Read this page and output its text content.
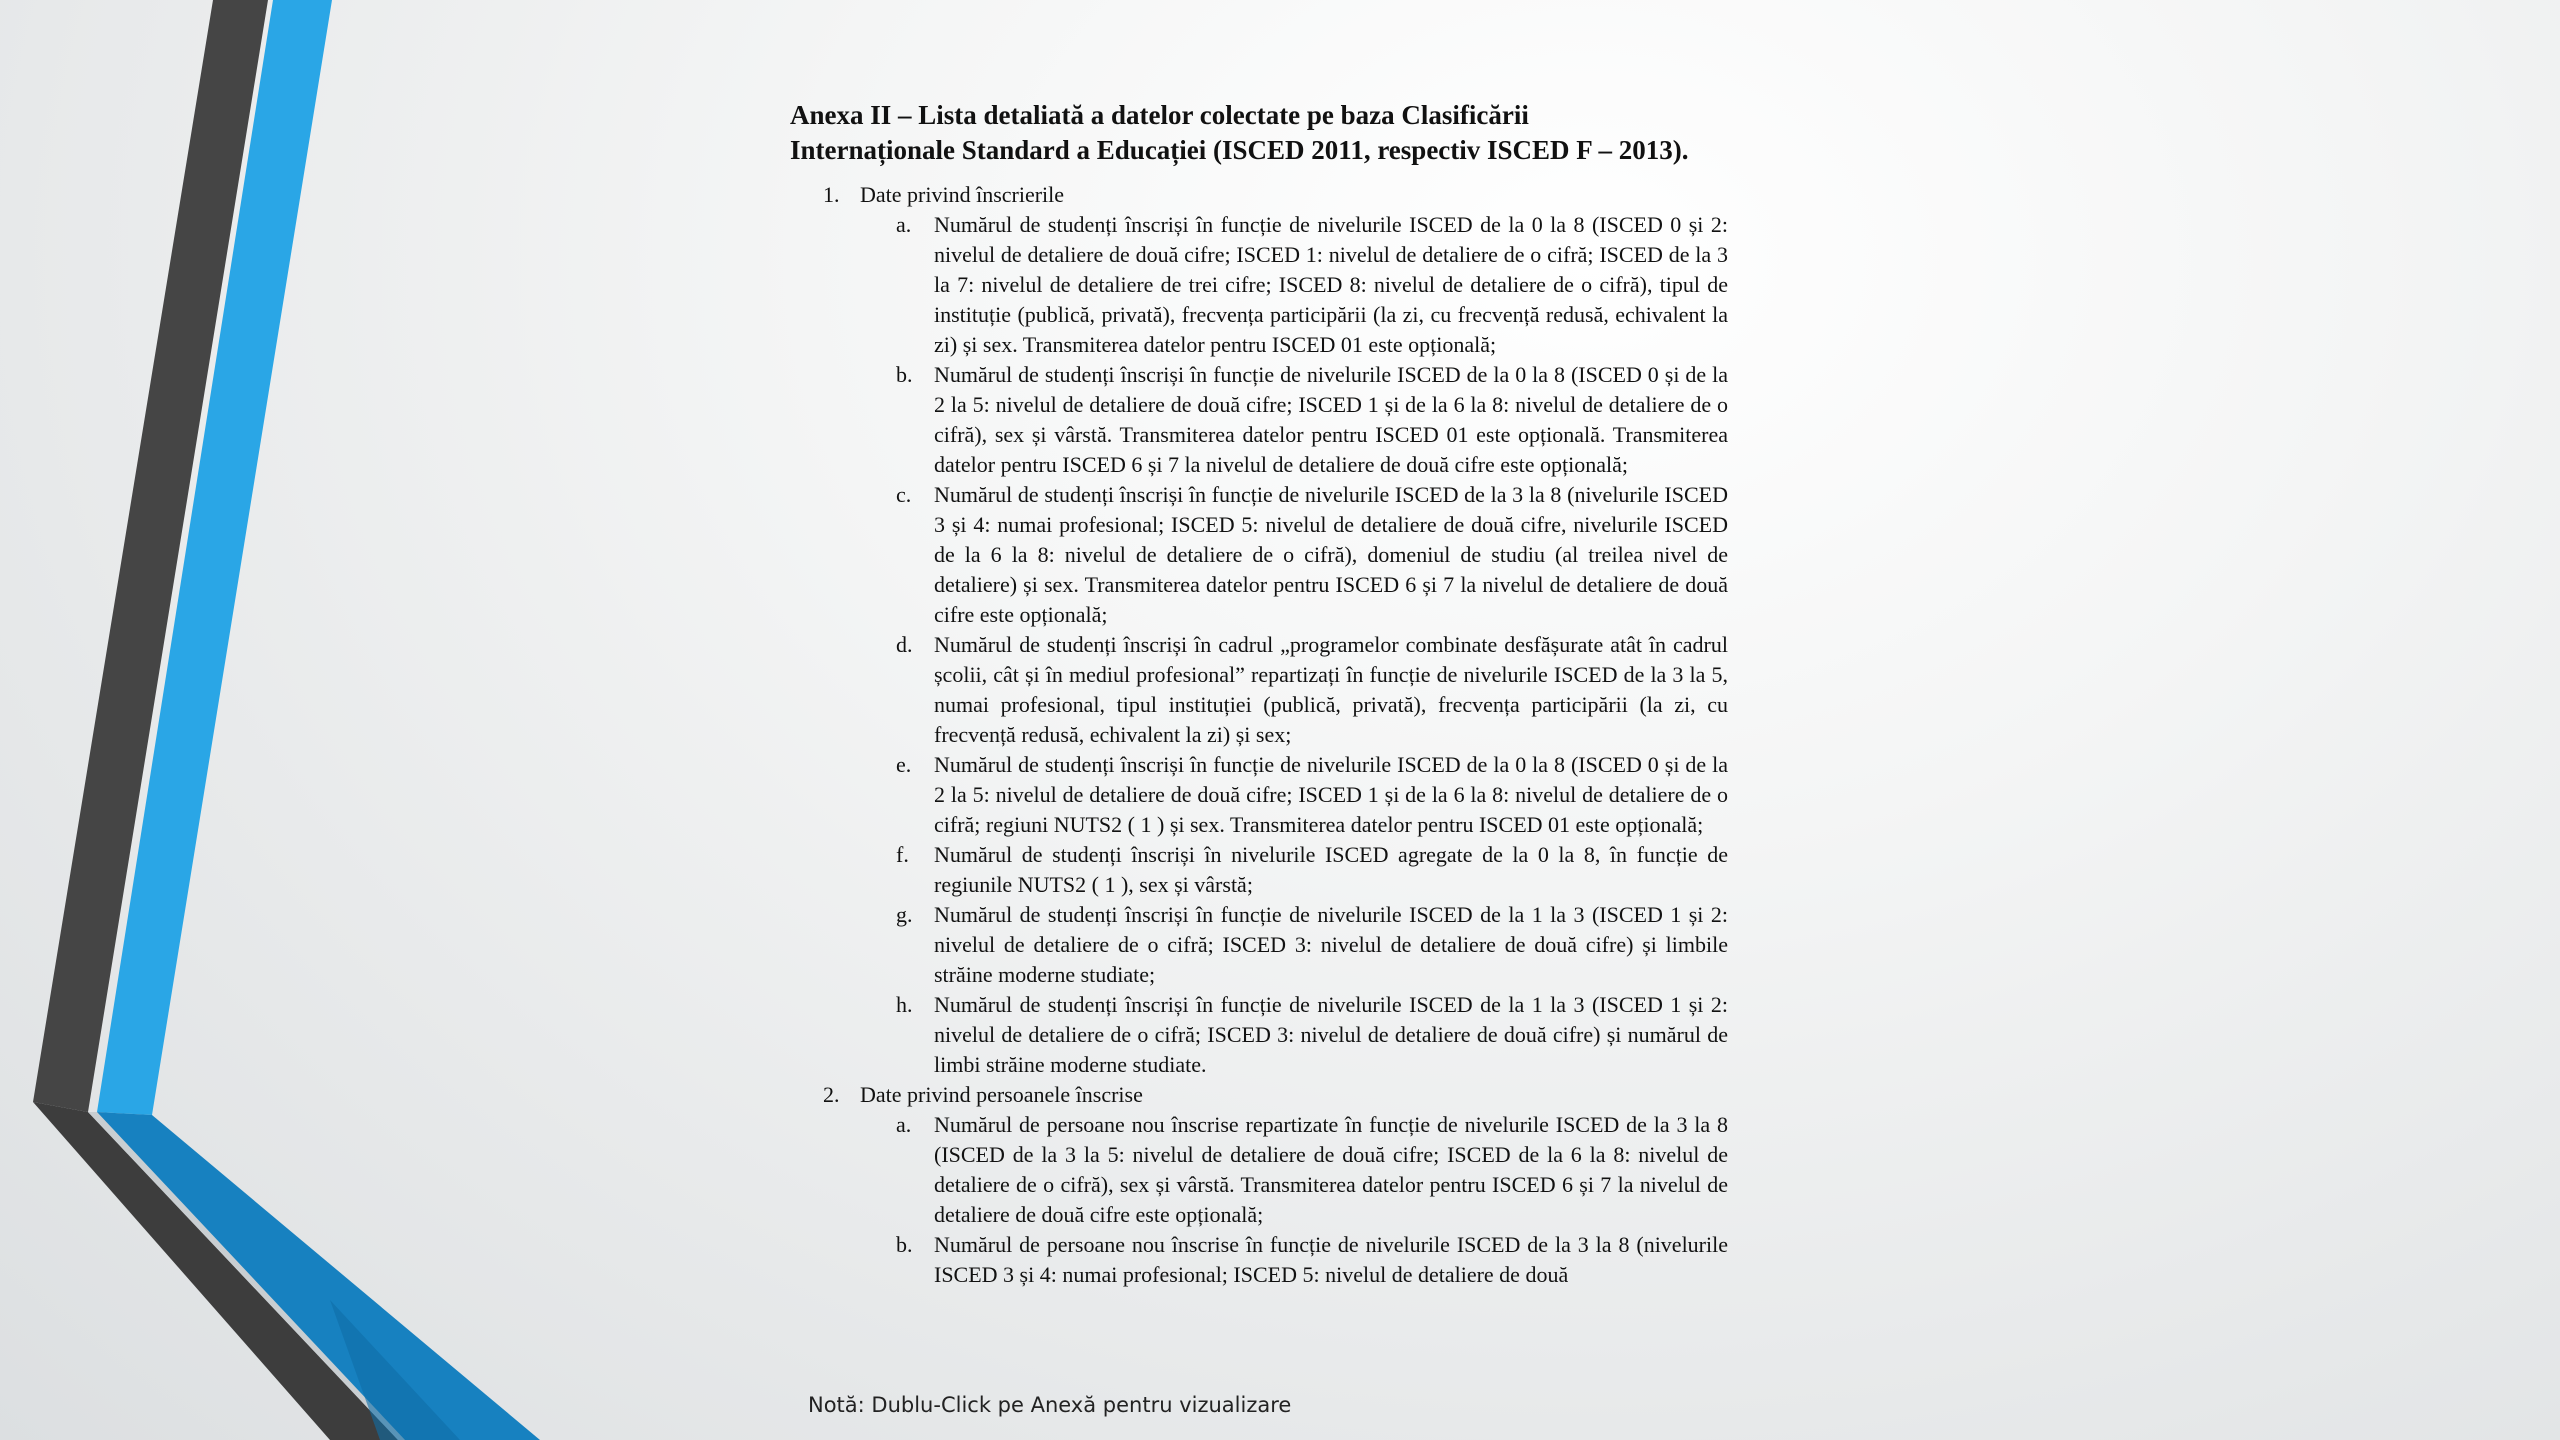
Anexa II – Lista detaliată a datelor colectate pe baza Clasificării
Internaționale Standard a Educației (ISCED 2011, respectiv ISCED F – 2013).
1. Date privind înscrierile
a. Numărul de studenți înscriși în funcție de nivelurile ISCED de la 0 la 8 (ISCED 0 și 2: nivelul de detaliere de două cifre; ISCED 1: nivelul de detaliere de o cifră; ISCED de la 3 la 7: nivelul de detaliere de trei cifre; ISCED 8: nivelul de detaliere de o cifră), tipul de instituție (publică, privată), frecvența participării (la zi, cu frecvență redusă, echivalent la zi) și sex. Transmiterea datelor pentru ISCED 01 este opțională;
b. Numărul de studenți înscriși în funcție de nivelurile ISCED de la 0 la 8 (ISCED 0 și de la 2 la 5: nivelul de detaliere de două cifre; ISCED 1 și de la 6 la 8: nivelul de detaliere de o cifră), sex și vârstă. Transmiterea datelor pentru ISCED 01 este opțională. Transmiterea datelor pentru ISCED 6 și 7 la nivelul de detaliere de două cifre este opțională;
c. Numărul de studenți înscriși în funcție de nivelurile ISCED de la 3 la 8 (nivelurile ISCED 3 și 4: numai profesional; ISCED 5: nivelul de detaliere de două cifre, nivelurile ISCED de la 6 la 8: nivelul de detaliere de o cifră), domeniul de studiu (al treilea nivel de detaliere) și sex. Transmiterea datelor pentru ISCED 6 și 7 la nivelul de detaliere de două cifre este opțională;
d. Numărul de studenți înscriși în cadrul „programelor combinate desfășurate atât în cadrul școlii, cât și în mediul profesional” repartizați în funcție de nivelurile ISCED de la 3 la 5, numai profesional, tipul instituției (publică, privată), frecvența participării (la zi, cu frecvență redusă, echivalent la zi) și sex;
e. Numărul de studenți înscriși în funcție de nivelurile ISCED de la 0 la 8 (ISCED 0 și de la 2 la 5: nivelul de detaliere de două cifre; ISCED 1 și de la 6 la 8: nivelul de detaliere de o cifră; regiuni NUTS2 ( 1 ) și sex. Transmiterea datelor pentru ISCED 01 este opțională;
f. Numărul de studenți înscriși în nivelurile ISCED agregate de la 0 la 8, în funcție de regiunile NUTS2 ( 1 ), sex și vârstă;
g. Numărul de studenți înscriși în funcție de nivelurile ISCED de la 1 la 3 (ISCED 1 și 2: nivelul de detaliere de o cifră; ISCED 3: nivelul de detaliere de două cifre) și limbile străine moderne studiate;
h. Numărul de studenți înscriși în funcție de nivelurile ISCED de la 1 la 3 (ISCED 1 și 2: nivelul de detaliere de o cifră; ISCED 3: nivelul de detaliere de două cifre) și numărul de limbi străine moderne studiate.
2. Date privind persoanele înscrise
a. Numărul de persoane nou înscrise repartizate în funcție de nivelurile ISCED de la 3 la 8 (ISCED de la 3 la 5: nivelul de detaliere de două cifre; ISCED de la 6 la 8: nivelul de detaliere de o cifră), sex și vârstă. Transmiterea datelor pentru ISCED 6 și 7 la nivelul de detaliere de două cifre este opțională;
b. Numărul de persoane nou înscrise în funcție de nivelurile ISCED de la 3 la 8 (nivelurile ISCED 3 și 4: numai profesional; ISCED 5: nivelul de detaliere de două
Notă: Dublu-Click pe Anexă pentru vizualizare
